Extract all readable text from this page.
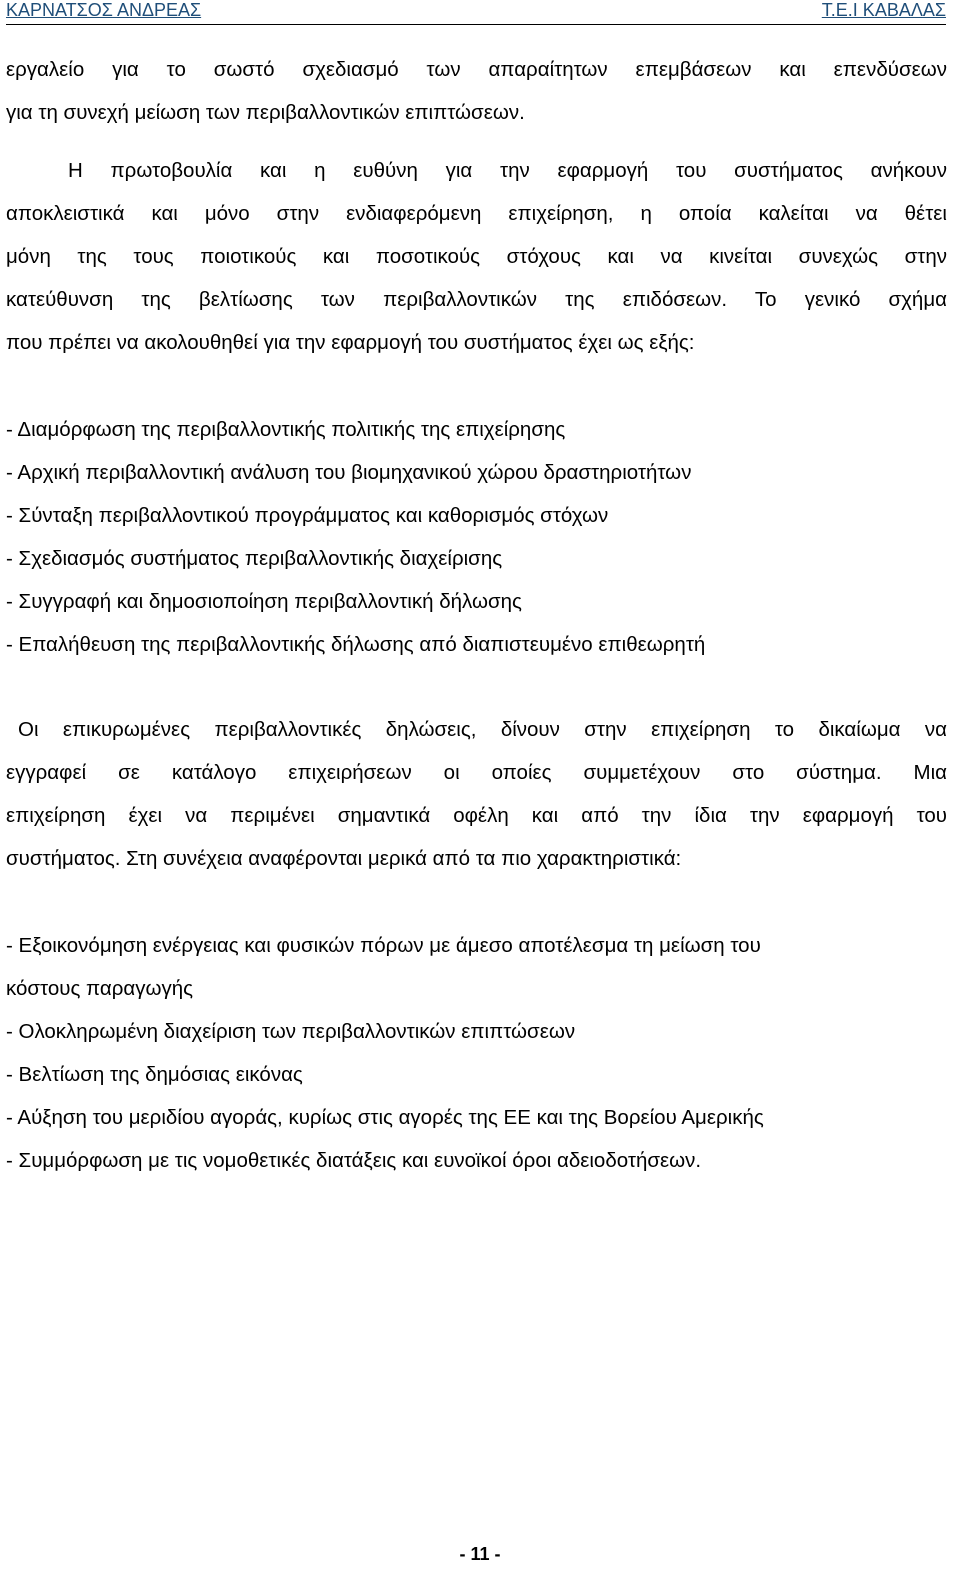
ΚΑΡΝΑΤΣΟΣ ΑΝΔΡΕΑΣ	Τ.Ε.Ι ΚΑΒΑΛΑΣ
εργαλείο για το σωστό σχεδιασμό των απαραίτητων επεμβάσεων και επενδύσεων
για τη συνεχή μείωση των περιβαλλοντικών επιπτώσεων.
Η πρωτοβουλία και η ευθύνη για την εφαρμογή του συστήματος ανήκουν
αποκλειστικά και μόνο στην ενδιαφερόμενη επιχείρηση, η οποία καλείται να θέτει
μόνη της τους ποιοτικούς και ποσοτικούς στόχους και να κινείται συνεχώς στην
κατεύθυνση της βελτίωσης των περιβαλλοντικών της επιδόσεων. Το γενικό σχήμα
που πρέπει να ακολουθηθεί για την εφαρμογή του συστήματος έχει ως εξής:
- Διαμόρφωση της περιβαλλοντικής πολιτικής της επιχείρησης
- Αρχική περιβαλλοντική ανάλυση του βιομηχανικού χώρου δραστηριοτήτων
- Σύνταξη περιβαλλοντικού προγράμματος και καθορισμός στόχων
- Σχεδιασμός συστήματος περιβαλλοντικής διαχείρισης
- Συγγραφή και δημοσιοποίηση περιβαλλοντική δήλωσης
- Επαλήθευση της περιβαλλοντικής δήλωσης από διαπιστευμένο επιθεωρητή
Οι επικυρωμένες περιβαλλοντικές δηλώσεις, δίνουν στην επιχείρηση το δικαίωμα να
εγγραφεί σε κατάλογο επιχειρήσεων οι οποίες συμμετέχουν στο σύστημα. Μια
επιχείρηση έχει να περιμένει σημαντικά οφέλη και από την ίδια την εφαρμογή του
συστήματος. Στη συνέχεια αναφέρονται μερικά από τα πιο χαρακτηριστικά:
- Εξοικονόμηση ενέργειας και φυσικών πόρων με άμεσο αποτέλεσμα τη μείωση του
κόστους παραγωγής
- Ολοκληρωμένη διαχείριση των περιβαλλοντικών επιπτώσεων
- Βελτίωση της δημόσιας εικόνας
- Αύξηση του μεριδίου αγοράς, κυρίως στις αγορές της ΕΕ και της Βορείου Αμερικής
- Συμμόρφωση με τις νομοθετικές διατάξεις και ευνοϊκοί όροι αδειοδοτήσεων.
- 11 -
